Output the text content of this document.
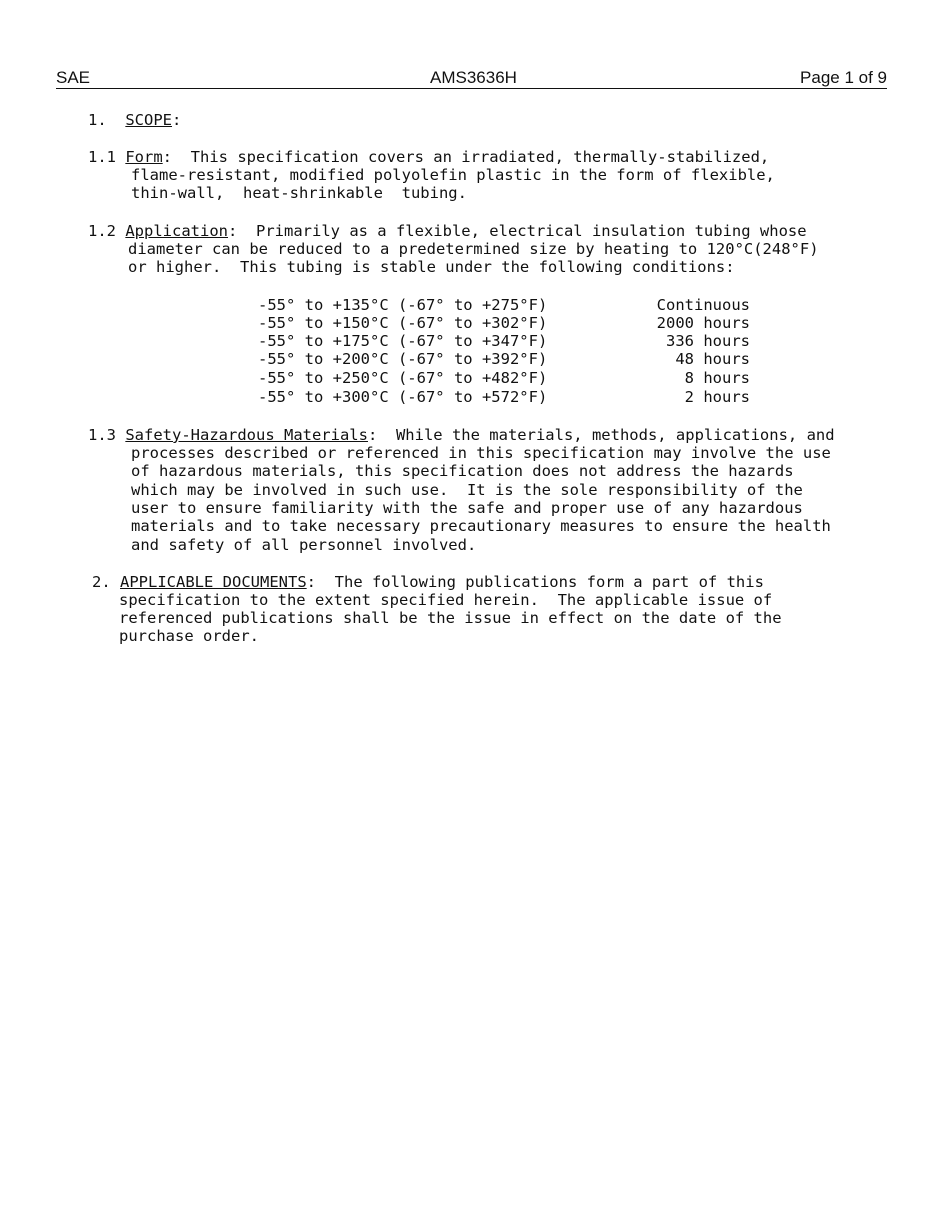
SAE	AMS3636H	Page 1 of 9
1. SCOPE:
1.1 Form:  This specification covers an irradiated, thermally-stabilized,
flame-resistant, modified polyolefin plastic in the form of flexible,
thin-wall,  heat-shrinkable  tubing.
1.2 Application:  Primarily as a flexible, electrical insulation tubing whose
diameter can be reduced to a predetermined size by heating to 120°C(248°F)
or higher.  This tubing is stable under the following conditions:

-55° to +135°C (-67° to +275°F)

	Continuous

-55° to +150°C (-67° to +302°F)

	2000 hours

-55° to +175°C (-67° to +347°F)

	336 hours

-55° to +200°C (-67° to +392°F)

	48 hours

-55° to +250°C (-67° to +482°F)

	8 hours

-55° to +300°C (-67° to +572°F)

	2 hours

1.3 Safety-Hazardous Materials:  While the materials, methods, applications, and
processes described or referenced in this specification may involve the use
of hazardous materials, this specification does not address the hazards
which may be involved in such use.  It is the sole responsibility of the
user to ensure familiarity with the safe and proper use of any hazardous
materials and to take necessary precautionary measures to ensure the health
and safety of all personnel involved.
2. APPLICABLE DOCUMENTS:  The following publications form a part of this
specification to the extent specified herein.  The applicable issue of
referenced publications shall be the issue in effect on the date of the
purchase order.
